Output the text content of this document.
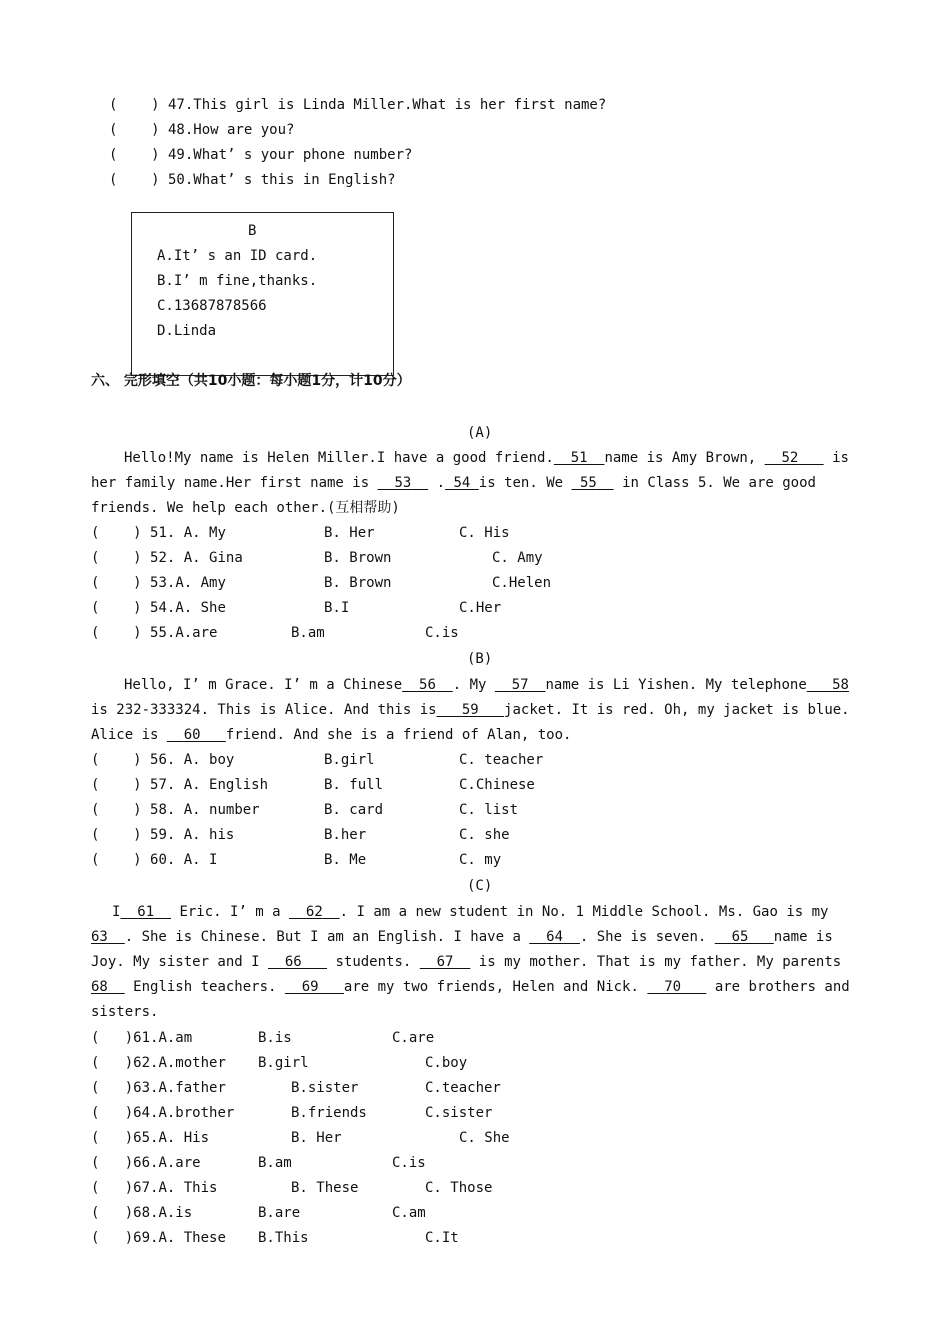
(    ) 47.This girl is Linda Miller.What is her first name?
(    ) 48.How are you?
(    ) 49.What’ s your phone number?
(    ) 50.What’ s this in English?
B
A.It’ s an ID card.
B.I’ m fine,thanks.
C.13687878566
D.Linda
六、 完形填空（共10小题：每小题1分，计10分）
(A)
Hello!My name is Helen Miller.I have a good friend. 51 name is Amy Brown, 52 is
her family name.Her first name is 53 . 54 is ten. We 55 in Class 5. We are good
friends. We help each other.(互相帮助)
(    ) 51. A. My	B. Her	C. His
(    ) 52. A. Gina	B. Brown	C. Amy
(    ) 53.A. Amy	B. Brown	C.Helen
(    ) 54.A. She	B.I	C.Her
(    ) 55.A.are	B.am	C.is
(B)
Hello, I’ m Grace. I’ m a Chinese 56 . My 57 name is Li Yishen. My telephone 58
is 232-333324. This is Alice. And this is 59 jacket. It is red. Oh, my jacket is blue.
Alice is 60 friend. And she is a friend of Alan, too.
(    ) 56. A. boy	B.girl	C. teacher
(    ) 57. A. English	B. full	C.Chinese
(    ) 58. A. number	B. card	C. list
(    ) 59. A. his	B.her	C. she
(    ) 60. A. I	B. Me	C. my
(C)
I 61 Eric. I’ m a 62 . I am a new student in No. 1 Middle School. Ms. Gao is my
63 . She is Chinese. But I am an English. I have a 64 . She is seven. 65 name is
Joy. My sister and I 66 students. 67 is my mother. That is my father. My parents
68 English teachers. 69 are my two friends, Helen and Nick. 70 are brothers and
sisters.
(   )61.A.am	B.is	C.are
(   )62.A.mother B.girl	C.boy
(   )63.A.father	B.sister	C.teacher
(   )64.A.brother	B.friends	C.sister
(   )65.A. His	B. Her	C. She
(   )66.A.are	B.am	C.is
(   )67.A. This	B. These	C. Those
(   )68.A.is	B.are	C.am
(   )69.A. These B.This	C.It
